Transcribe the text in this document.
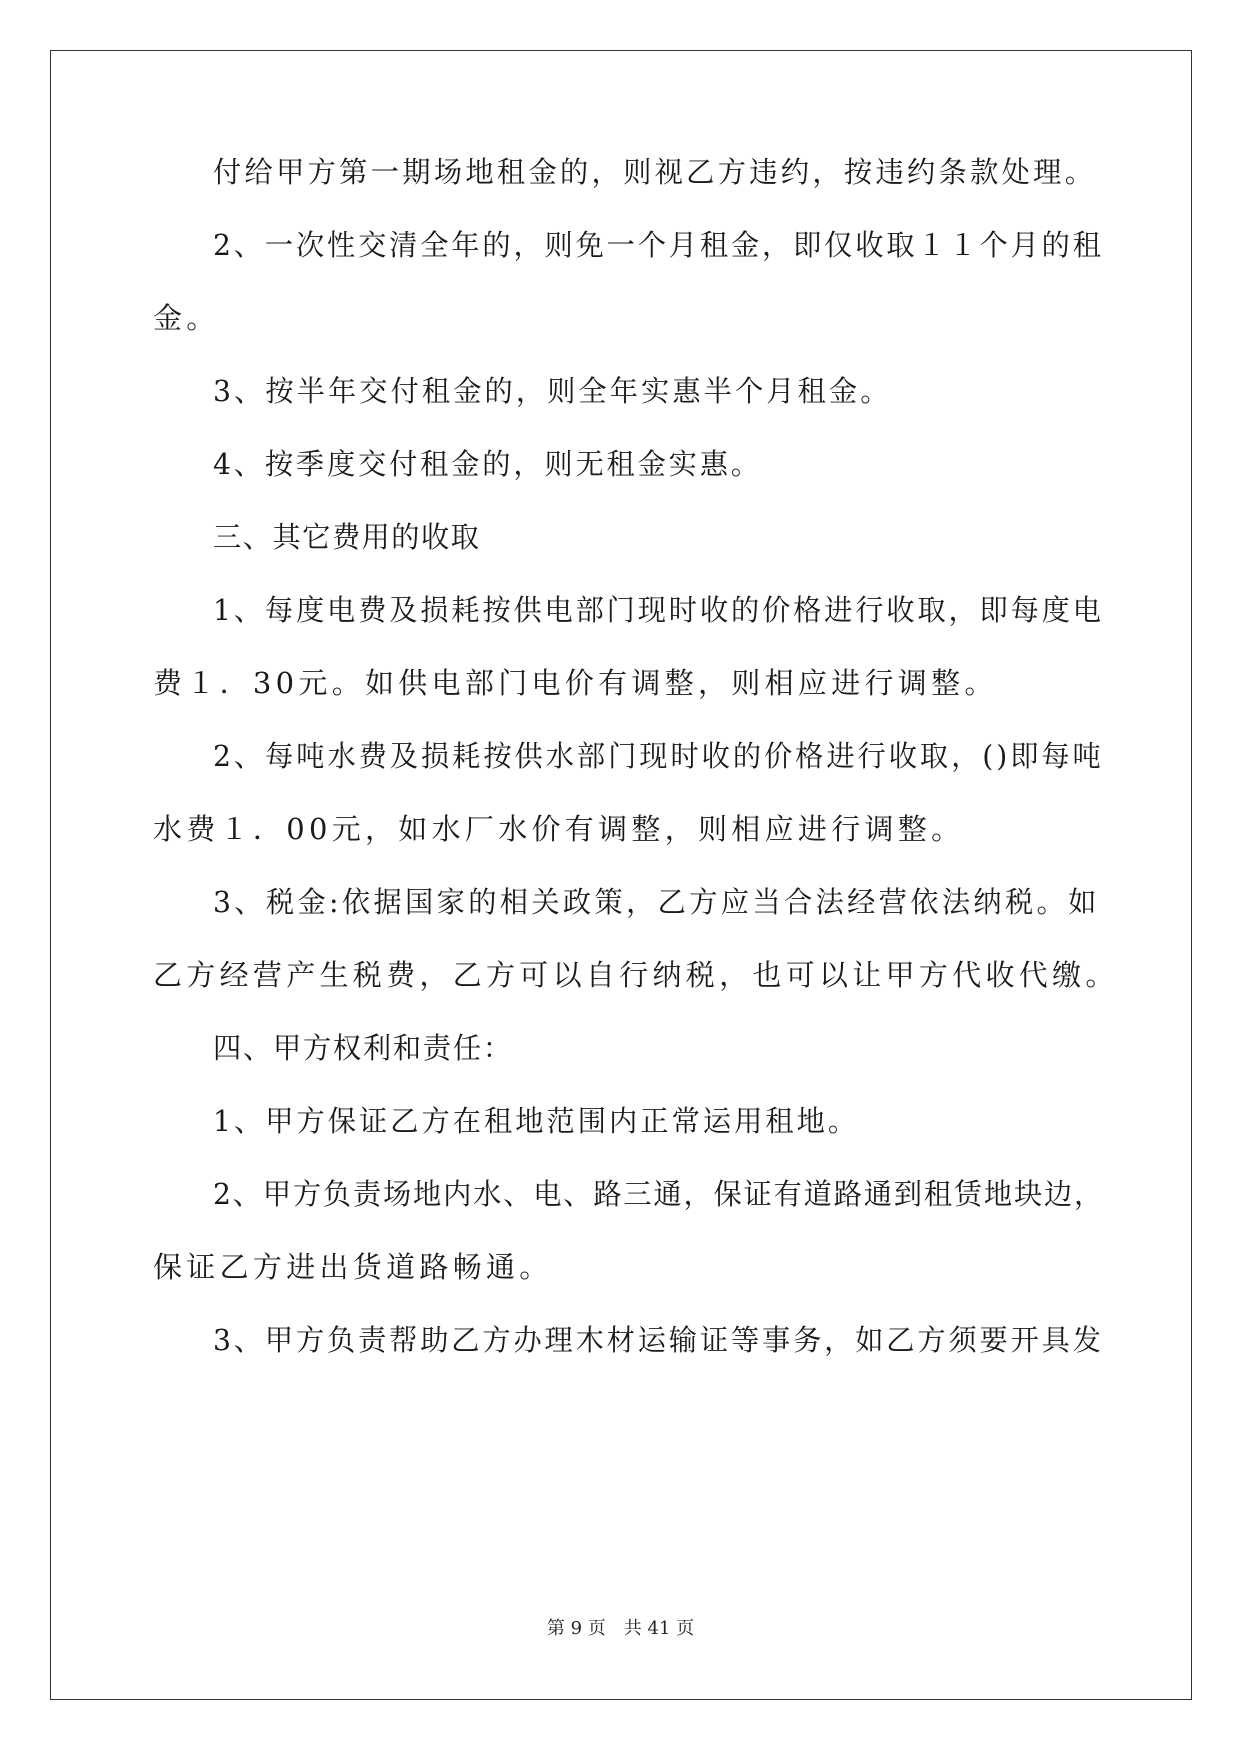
付给甲方第一期场地租金的，则视乙方违约，按违约条款处理。
2、一次性交清全年的，则免一个月租金，即仅收取１１个月的租
金。
3、按半年交付租金的，则全年实惠半个月租金。
4、按季度交付租金的，则无租金实惠。
三、其它费用的收取
1、每度电费及损耗按供电部门现时收的价格进行收取，即每度电
费１．30元。如供电部门电价有调整，则相应进行调整。
2、每吨水费及损耗按供水部门现时收的价格进行收取，()即每吨
水费１．00元，如水厂水价有调整，则相应进行调整。
3、税金:依据国家的相关政策，乙方应当合法经营依法纳税。如
乙方经营产生税费，乙方可以自行纳税，也可以让甲方代收代缴。
四、甲方权利和责任：
1、甲方保证乙方在租地范围内正常运用租地。
2、甲方负责场地内水、电、路三通，保证有道路通到租赁地块边，
保证乙方进出货道路畅通。
3、甲方负责帮助乙方办理木材运输证等事务，如乙方须要开具发
第 9 页　共 41 页
